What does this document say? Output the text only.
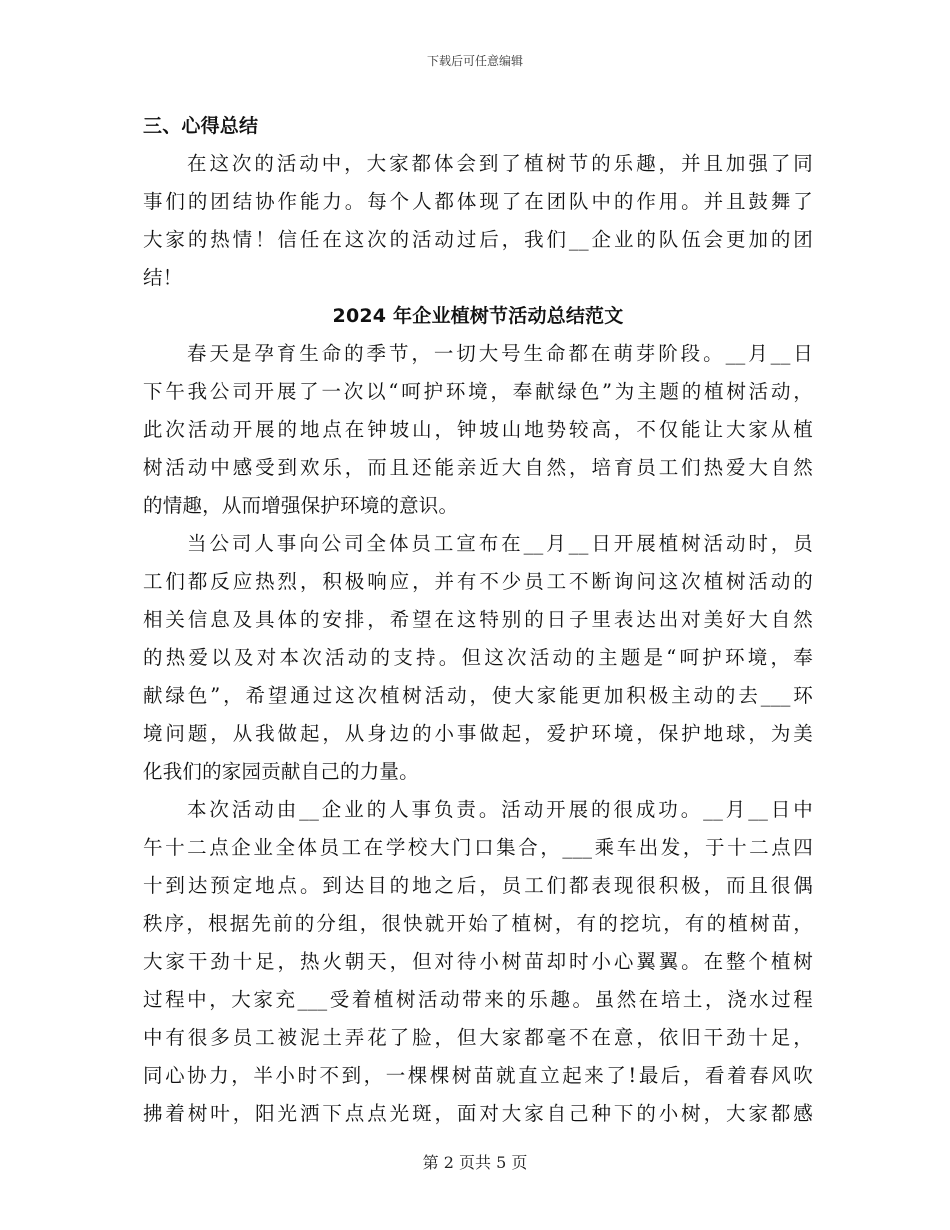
下载后可任意编辑
三、心得总结
在这次的活动中，大家都体会到了植树节的乐趣，并且加强了同
事们的团结协作能力。每个人都体现了在团队中的作用。并且鼓舞了
大家的热情！信任在这次的活动过后，我们__企业的队伍会更加的团
结！
2024 年企业植树节活动总结范文
春天是孕育生命的季节，一切大号生命都在萌芽阶段。__月__日
下午我公司开展了一次以“呵护环境，奉献绿色”为主题的植树活动，
此次活动开展的地点在钟坡山，钟坡山地势较高，不仅能让大家从植
树活动中感受到欢乐，而且还能亲近大自然，培育员工们热爱大自然
的情趣，从而增强保护环境的意识。
当公司人事向公司全体员工宣布在__月__日开展植树活动时，员
工们都反应热烈，积极响应，并有不少员工不断询问这次植树活动的
相关信息及具体的安排，希望在这特别的日子里表达出对美好大自然
的热爱以及对本次活动的支持。但这次活动的主题是“呵护环境，奉
献绿色”，希望通过这次植树活动，使大家能更加积极主动的去___环
境问题，从我做起，从身边的小事做起，爱护环境，保护地球，为美
化我们的家园贡献自己的力量。
本次活动由__企业的人事负责。活动开展的很成功。__月__日中
午十二点企业全体员工在学校大门口集合，___乘车出发，于十二点四
十到达预定地点。到达目的地之后，员工们都表现很积极，而且很偶
秩序，根据先前的分组，很快就开始了植树，有的挖坑，有的植树苗，
大家干劲十足，热火朝天，但对待小树苗却时小心翼翼。在整个植树
过程中，大家充___受着植树活动带来的乐趣。虽然在培土，浇水过程
中有很多员工被泥土弄花了脸，但大家都毫不在意，依旧干劲十足，
同心协力，半小时不到，一棵棵树苗就直立起来了!最后，看着春风吹
拂着树叶，阳光洒下点点光斑，面对大家自己种下的小树，大家都感
第 2 页共 5 页
